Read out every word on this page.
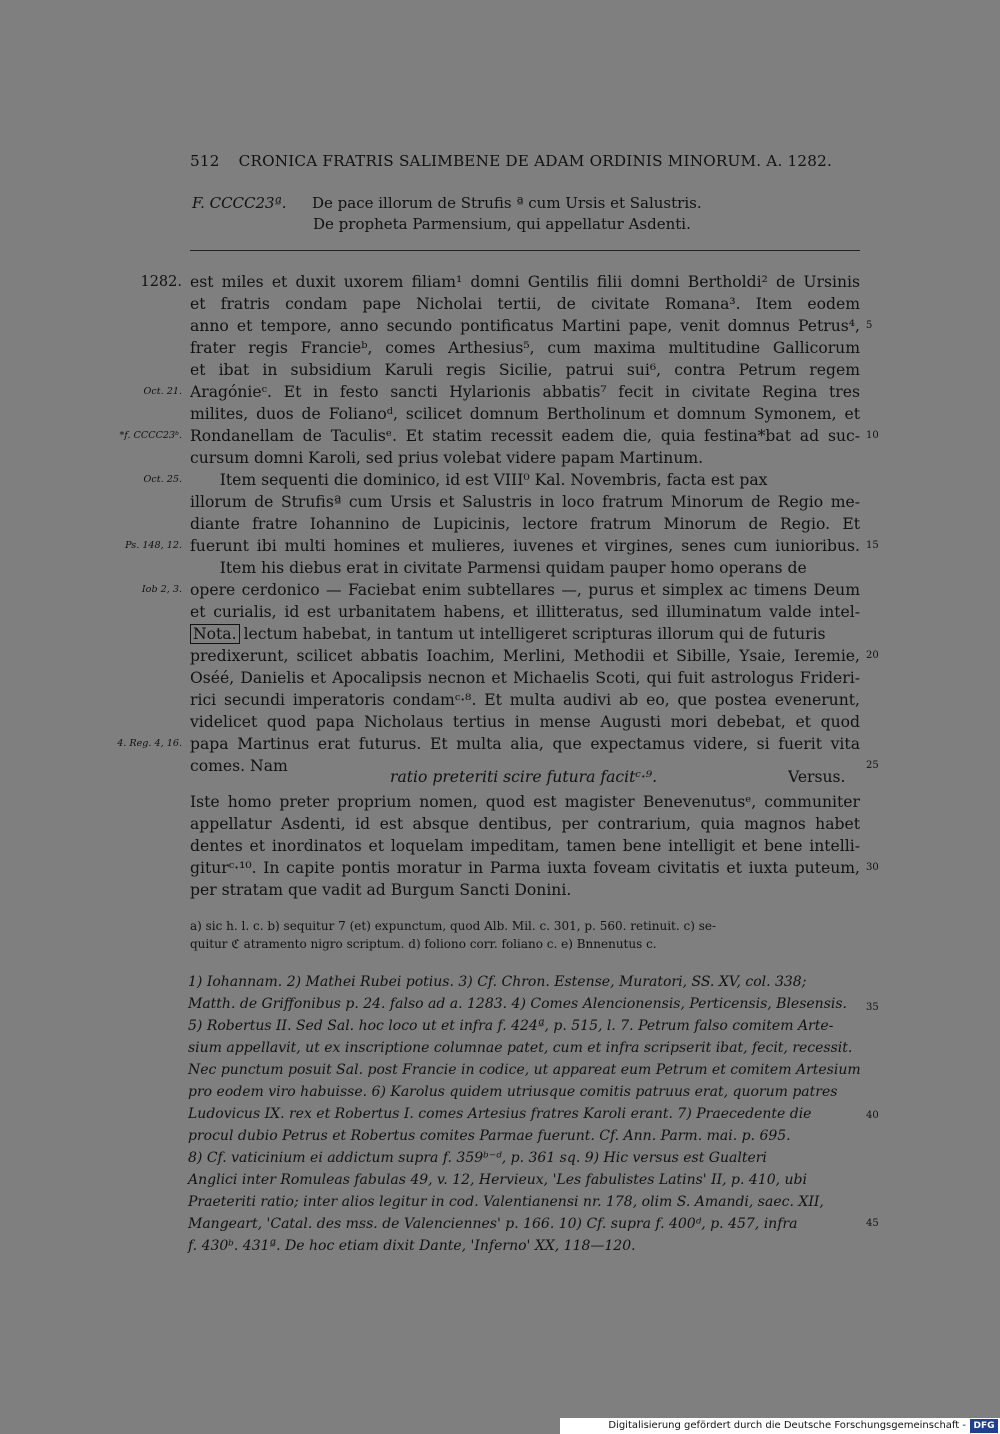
512 CRONICA FRATRIS SALIMBENE DE ADAM ORDINIS MINORUM. A. 1282.
F. CCCC23ª. De pace illorum de Strufis ª cum Ursis et Salustris.
De propheta Parmensium, qui appellatur Asdenti.
est miles et duxit uxorem filiam¹ domni Gentilis filii domni Bertholdi² de Ursinis
et fratris condam pape Nicholai tertii, de civitate Romana³. Item eodem
anno et tempore, anno secundo pontificatus Martini pape, venit domnus Petrus⁴,
frater regis Francieᵇ, comes Arthesius⁵, cum maxima multitudine Gallicorum
et ibat in subsidium Karuli regis Sicilie, patrui sui⁶, contra Petrum regem
Aragónieᶜ. Et in festo sancti Hylarionis abbatis⁷ fecit in civitate Regina tres
milites, duos de Folianoᵈ, scilicet domnum Bertholinum et domnum Symonem, et
Rondanellam de Taculisᵉ. Et statim recessit eadem die, quia festina*bat ad suc-
cursum domni Karoli, sed prius volebat videre papam Martinum.
Item sequenti die dominico, id est VIII⁰ Kal. Novembris, facta est pax
illorum de Strufisª cum Ursis et Salustris in loco fratrum Minorum de Regio me-
diante fratre Iohannino de Lupicinis, lectore fratrum Minorum de Regio. Et
fuerunt ibi multi homines et mulieres, iuvenes et virgines, senes cum iunioribus.
Item his diebus erat in civitate Parmensi quidam pauper homo operans de
opere cerdonico — Faciebat enim subtellares —, purus et simplex ac timens Deum
et curialis, id est urbanitatem habens, et illitteratus, sed illuminatum valde intel-
Nota. lectum habebat, in tantum ut intelligeret scripturas illorum qui de futuris
predixerunt, scilicet abbatis Ioachim, Merlini, Methodii et Sibille, Ysaie, Ieremie,
Oséé, Danielis et Apocalipsis necnon et Michaelis Scoti, qui fuit astrologus Frideri-
rici secundi imperatoris condamᶜ·⁸. Et multa audivi ab eo, que postea evenerunt,
videlicet quod papa Nicholaus tertius in mense Augusti mori debebat, et quod
papa Martinus erat futurus. Et multa alia, que expectamus videre, si fuerit vita
comes. Nam
ratio preteriti scire futura facitᶜ·⁹.	Versus.
Iste homo preter proprium nomen, quod est magister Benevenutusᵉ, communiter
appellatur Asdenti, id est absque dentibus, per contrarium, quia magnos habet
dentes et inordinatos et loquelam impeditam, tamen bene intelligit et bene intelli-
giturᶜ·¹⁰. In capite pontis moratur in Parma iuxta foveam civitatis et iuxta puteum,
per stratam que vadit ad Burgum Sancti Donini.
1282.
Oct. 21.
*f. CCCC23ᵇ.
Oct. 25.
Ps. 148, 12.
Iob 2, 3.
4. Reg. 4, 16.
5
10
15
20
25
30
35
40
45
a) sic h. l. c. b) sequitur 7 (et) expunctum, quod Alb. Mil. c. 301, p. 560. retinuit. c) se-
quitur ℭ atramento nigro scriptum. d) foliono corr. foliano c. e) Bnnenutus c.
1) Iohannam. 2) Mathei Rubei potius. 3) Cf. Chron. Estense, Muratori, SS. XV, col. 338;
Matth. de Griffonibus p. 24. falso ad a. 1283. 4) Comes Alencionensis, Perticensis, Blesensis.
5) Robertus II. Sed Sal. hoc loco ut et infra f. 424ª, p. 515, l. 7. Petrum falso comitem Arte-
sium appellavit, ut ex inscriptione columnae patet, cum et infra scripserit ibat, fecit, recessit.
Nec punctum posuit Sal. post Francie in codice, ut appareat eum Petrum et comitem Artesium
pro eodem viro habuisse. 6) Karolus quidem utriusque comitis patruus erat, quorum patres
Ludovicus IX. rex et Robertus I. comes Artesius fratres Karoli erant. 7) Praecedente die
procul dubio Petrus et Robertus comites Parmae fuerunt. Cf. Ann. Parm. mai. p. 695.
8) Cf. vaticinium ei addictum supra f. 359ᵇ⁻ᵈ, p. 361 sq. 9) Hic versus est Gualteri
Anglici inter Romuleas fabulas 49, v. 12, Hervieux, 'Les fabulistes Latins' II, p. 410, ubi
Praeteriti ratio; inter alios legitur in cod. Valentianensi nr. 178, olim S. Amandi, saec. XII,
Mangeart, 'Catal. des mss. de Valenciennes' p. 166. 10) Cf. supra f. 400ᵈ, p. 457, infra
f. 430ᵇ. 431ª. De hoc etiam dixit Dante, 'Inferno' XX, 118—120.
Digitalisierung gefördert durch die Deutsche Forschungsgemeinschaft - DFG
